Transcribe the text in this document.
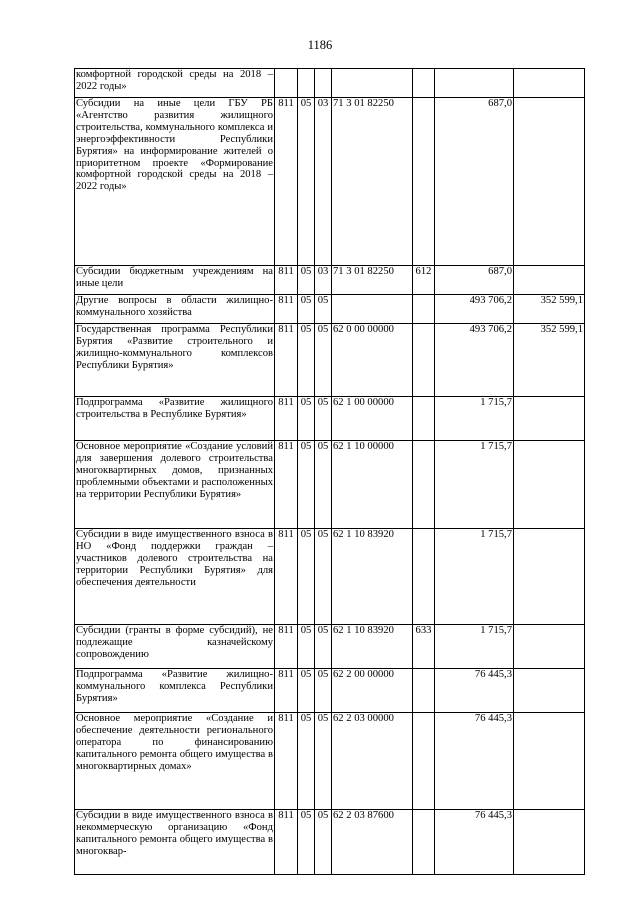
1186
комфортной городской среды на 2018 – 2022 годы»							
Субсидии на иные цели ГБУ РБ «Агентство развития жилищного строительства, коммунального комплекса и энергоэффективности Республики Бурятия» на информирование жителей о приоритетном проекте «Формирование комфортной городской среды на 2018 – 2022 годы»	811	05	03	71 3 01 82250		687,0	
Субсидии бюджетным учреждениям на иные цели	811	05	03	71 3 01 82250	612	687,0	
Другие вопросы в области жилищно-коммунального хозяйства	811	05	05			493 706,2	352 599,1
Государственная программа Республики Бурятия «Развитие строительного и жилищно-коммунального комплексов Республики Бурятия»	811	05	05	62 0 00 00000		493 706,2	352 599,1
Подпрограмма «Развитие жилищного строительства в Республике Бурятия»	811	05	05	62 1 00 00000		1 715,7	
Основное мероприятие «Создание условий для завершения долевого строительства многоквартирных домов, признанных проблемными объектами и расположенных на территории Республики Бурятия»	811	05	05	62 1 10 00000		1 715,7	
Субсидии в виде имущественного взноса в НО «Фонд поддержки граждан – участников долевого строительства на территории Республики Бурятия» для обеспечения деятельности	811	05	05	62 1 10 83920		1 715,7	
Субсидии (гранты в форме субсидий), не подлежащие казначейскому сопровождению	811	05	05	62 1 10 83920	633	1 715,7	
Подпрограмма «Развитие жилищно-коммунального комплекса Республики Бурятия»	811	05	05	62 2 00 00000		76 445,3	
Основное мероприятие «Создание и обеспечение деятельности регионального оператора по финансированию капитального ремонта общего имущества в многоквартирных домах»	811	05	05	62 2 03 00000		76 445,3	
Субсидии в виде имущественного взноса в некоммерческую организацию «Фонд капитального ремонта общего имущества в многоквар-	811	05	05	62 2 03 87600		76 445,3	
